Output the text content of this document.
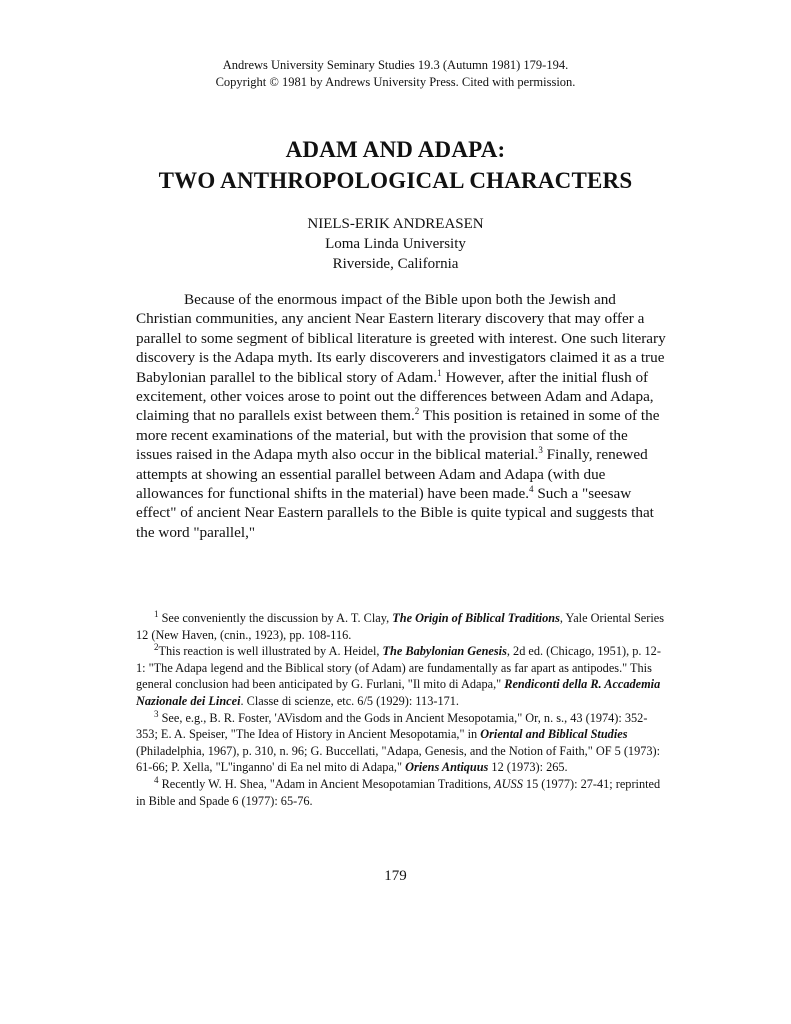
Andrews University Seminary Studies 19.3 (Autumn 1981) 179-194.
Copyright © 1981 by Andrews University Press. Cited with permission.
ADAM AND ADAPA:
TWO ANTHROPOLOGICAL CHARACTERS
NIELS-ERIK ANDREASEN
Loma Linda University
Riverside, California

Because of the enormous impact of the Bible upon both the Jewish and Christian communities, any ancient Near Eastern literary discovery that may offer a parallel to some segment of biblical literature is greeted with interest. One such literary discovery is the Adapa myth. Its early discoverers and investigators claimed it as a true Babylonian parallel to the biblical story of Adam.$^1$ However, after the initial flush of excitement, other voices arose to point out the differences between Adam and Adapa, claiming that no parallels exist between them.$^2$ This position is retained in some of the more recent examinations of the material, but with the provision that some of the issues raised in the Adapa myth also occur in the biblical material.$^3$ Finally, renewed attempts at showing an essential parallel between Adam and Adapa (with due allowances for functional shifts in the material) have been made.$^4$ Such a "seesaw effect" of ancient Near Eastern parallels to the Bible is quite typical and suggests that the word "parallel,"

$^1$ See conveniently the discussion by A. T. Clay, The Origin of Biblical Traditions, Yale Oriental Series 12 (New Haven, (cnin., 1923), pp. 108-116.

$^2$This reaction is well illustrated by A. Heidel, The Babylonian Genesis, 2d ed. (Chicago, 1951), p. 12-1: "The Adapa legend and the Biblical story (of Adam) are fundamentally as far apart as antipodes." This general conclusion had been anticipated by G. Furlani, "Il mito di Adapa," Rendiconti della R. Accademia Nazionale dei Lincei. Classe di scienze, etc. 6/5 (1929): 113-171.

$^3$ See, e.g., B. R. Foster, 'AVisdom and the Gods in Ancient Mesopotamia," Or, n. s., 43 (1974): 352-353; E. A. Speiser, "The Idea of History in Ancient Mesopotamia," in Oriental and Biblical Studies (Philadelphia, 1967), p. 310, n. 96; G. Buccellati, "Adapa, Genesis, and the Notion of Faith," OF 5 (1973): 61-66; P. Xella, "L''inganno' di Ea nel mito di Adapa," Oriens Antiquus 12 (1973): 265.

$^4$ Recently W. H. Shea, "Adam in Ancient Mesopotamian Traditions, AUSS 15 (1977): 27-41; reprinted in Bible and Spade 6 (1977): 65-76.

179
